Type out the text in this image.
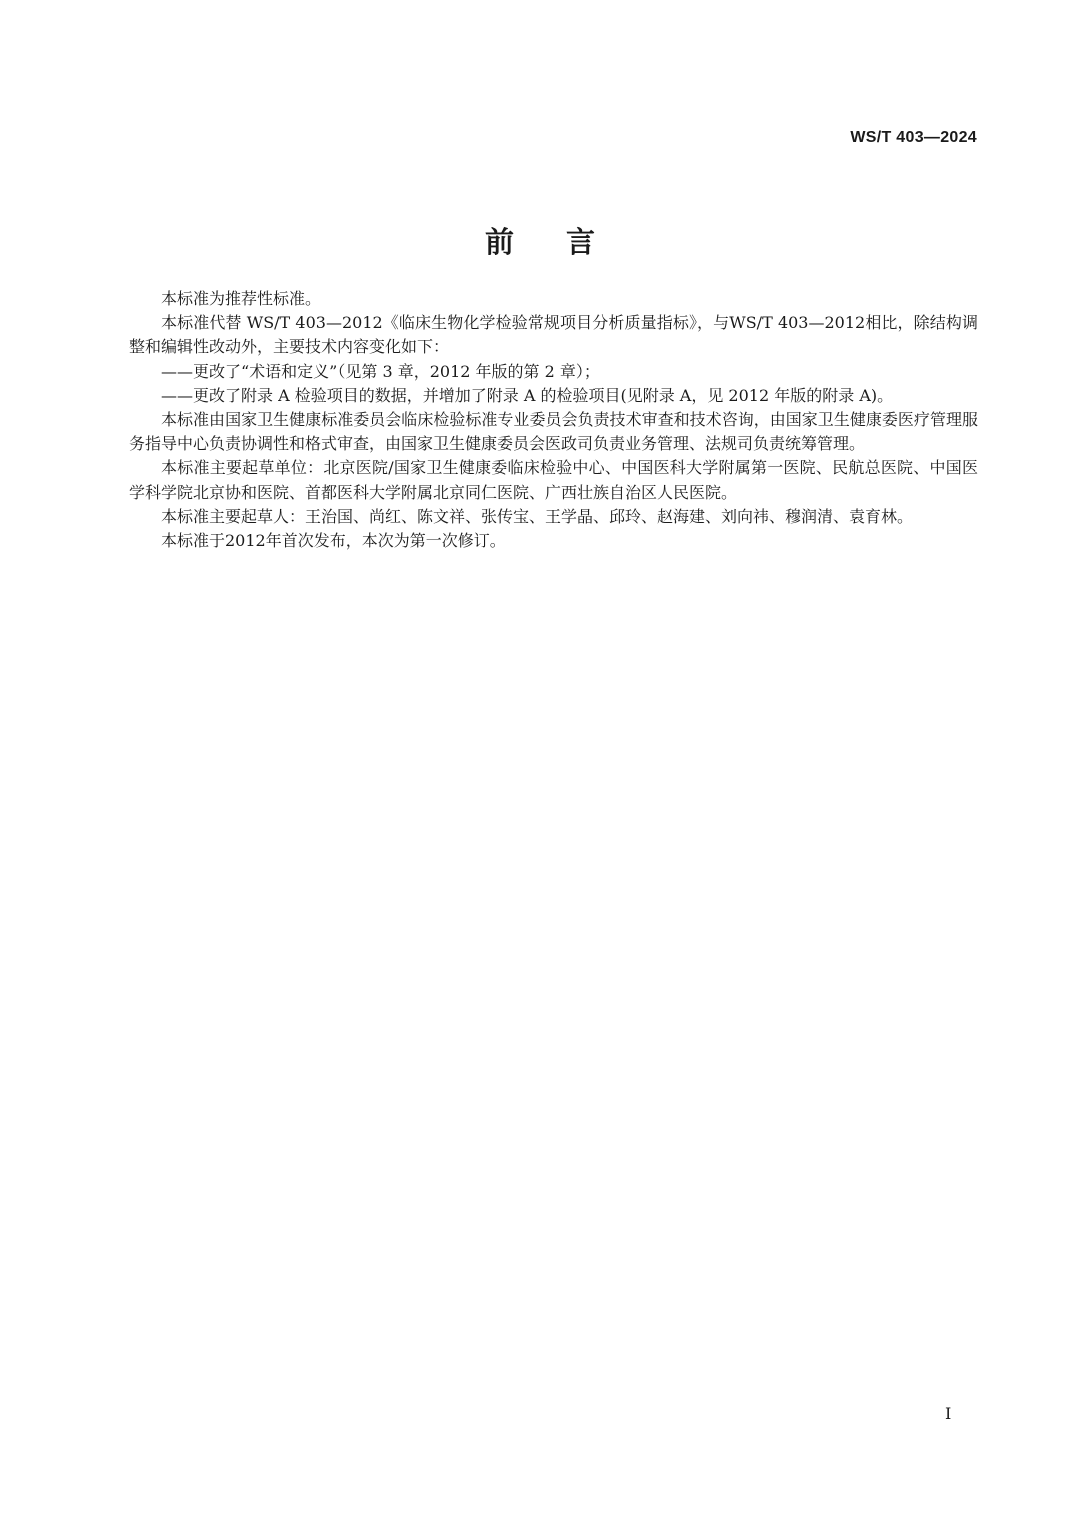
WS/T 403—2024
前言

本标准为推荐性标准。

本标准代替 WS/T 403—2012《临床生物化学检验常规项目分析质量指标》，与WS/T 403—2012相比，除结构调整和编辑性改动外，主要技术内容变化如下：

——更改了“术语和定义”（见第 3 章，2012 年版的第 2 章）；

——更改了附录 A 检验项目的数据，并增加了附录 A 的检验项目(见附录 A，见 2012 年版的附录 A)。

本标准由国家卫生健康标准委员会临床检验标准专业委员会负责技术审查和技术咨询，由国家卫生健康委医疗管理服务指导中心负责协调性和格式审查，由国家卫生健康委员会医政司负责业务管理、法规司负责统筹管理。

本标准主要起草单位：北京医院/国家卫生健康委临床检验中心、中国医科大学附属第一医院、民航总医院、中国医学科学院北京协和医院、首都医科大学附属北京同仁医院、广西壮族自治区人民医院。

本标准主要起草人：王治国、尚红、陈文祥、张传宝、王学晶、邱玲、赵海建、刘向祎、穆润清、袁育林。

本标准于2012年首次发布，本次为第一次修订。

I
